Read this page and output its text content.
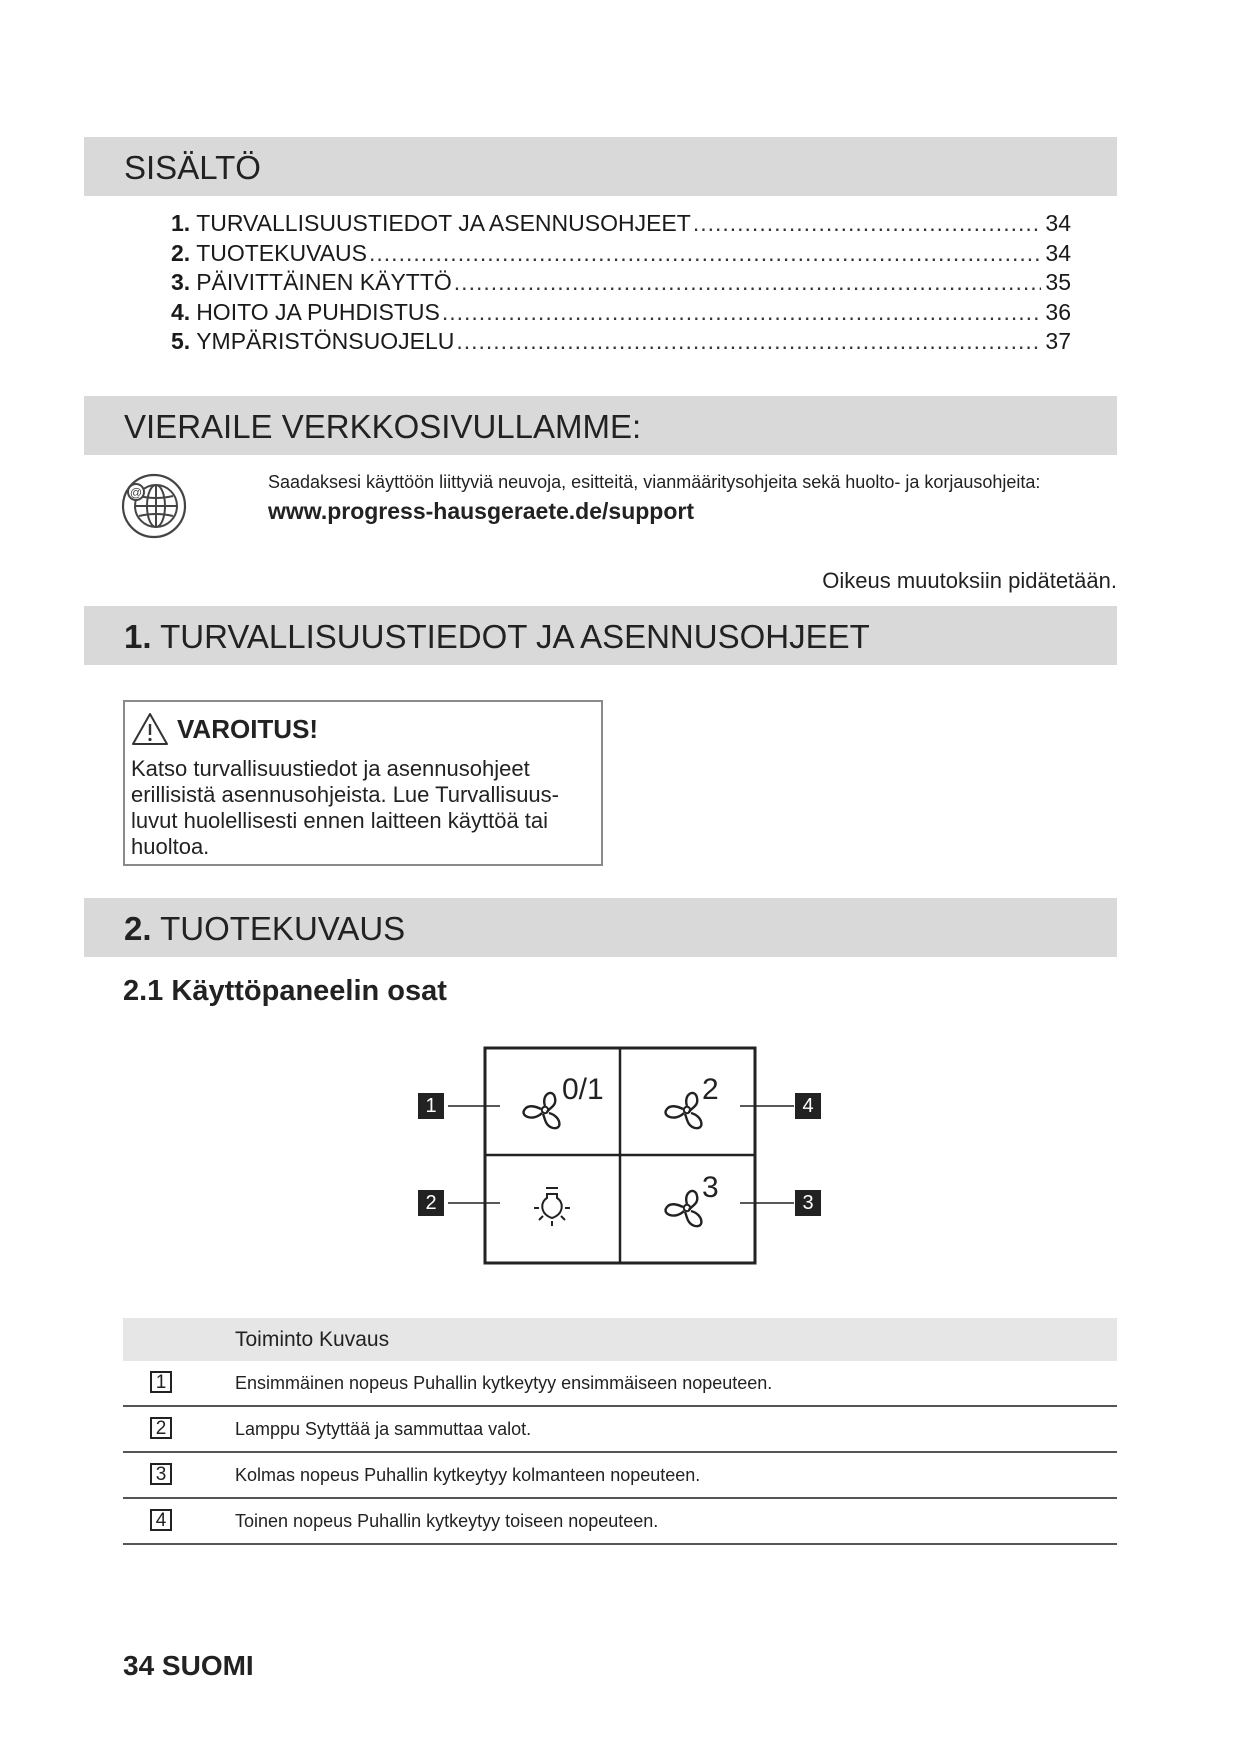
SISÄLTÖ
1. TURVALLISUUSTIEDOT JA ASENNUSOHJEET .....	34
2. TUOTEKUVAUS .....	34
3. PÄIVITTÄINEN KÄYTTÖ .....	35
4. HOITO JA PUHDISTUS .....	36
5. YMPÄRISTÖNSUOJELU .....	37
VIERAILE VERKKOSIVULLAMME:
@
Saadaksesi käyttöön liittyviä neuvoja, esitteitä, vianmääritysohjeita sekä huolto- ja korjausohjeita:
www.progress-hausgeraete.de/support
Oikeus muutoksiin pidätetään.
1. TURVALLISUUSTIEDOT JA ASENNUSOHJEET
VAROITUS!
Katso turvallisuustiedot ja asennusohjeet erillisistä asennusohjeista. Lue Turvallisuus-luvut huolellisesti ennen laitteen käyttöä tai huoltoa.
2. TUOTEKUVAUS
2.1 Käyttöpaneelin osat
0/1	2
3
1	4
2	3
Toiminto Kuvaus
1	Ensimmäinen nopeus Puhallin kytkeytyy ensimmäiseen nopeuteen.
2	Lamppu Sytyttää ja sammuttaa valot.
3	Kolmas nopeus Puhallin kytkeytyy kolmanteen nopeuteen.
4	Toinen nopeus Puhallin kytkeytyy toiseen nopeuteen.
34 SUOMI
